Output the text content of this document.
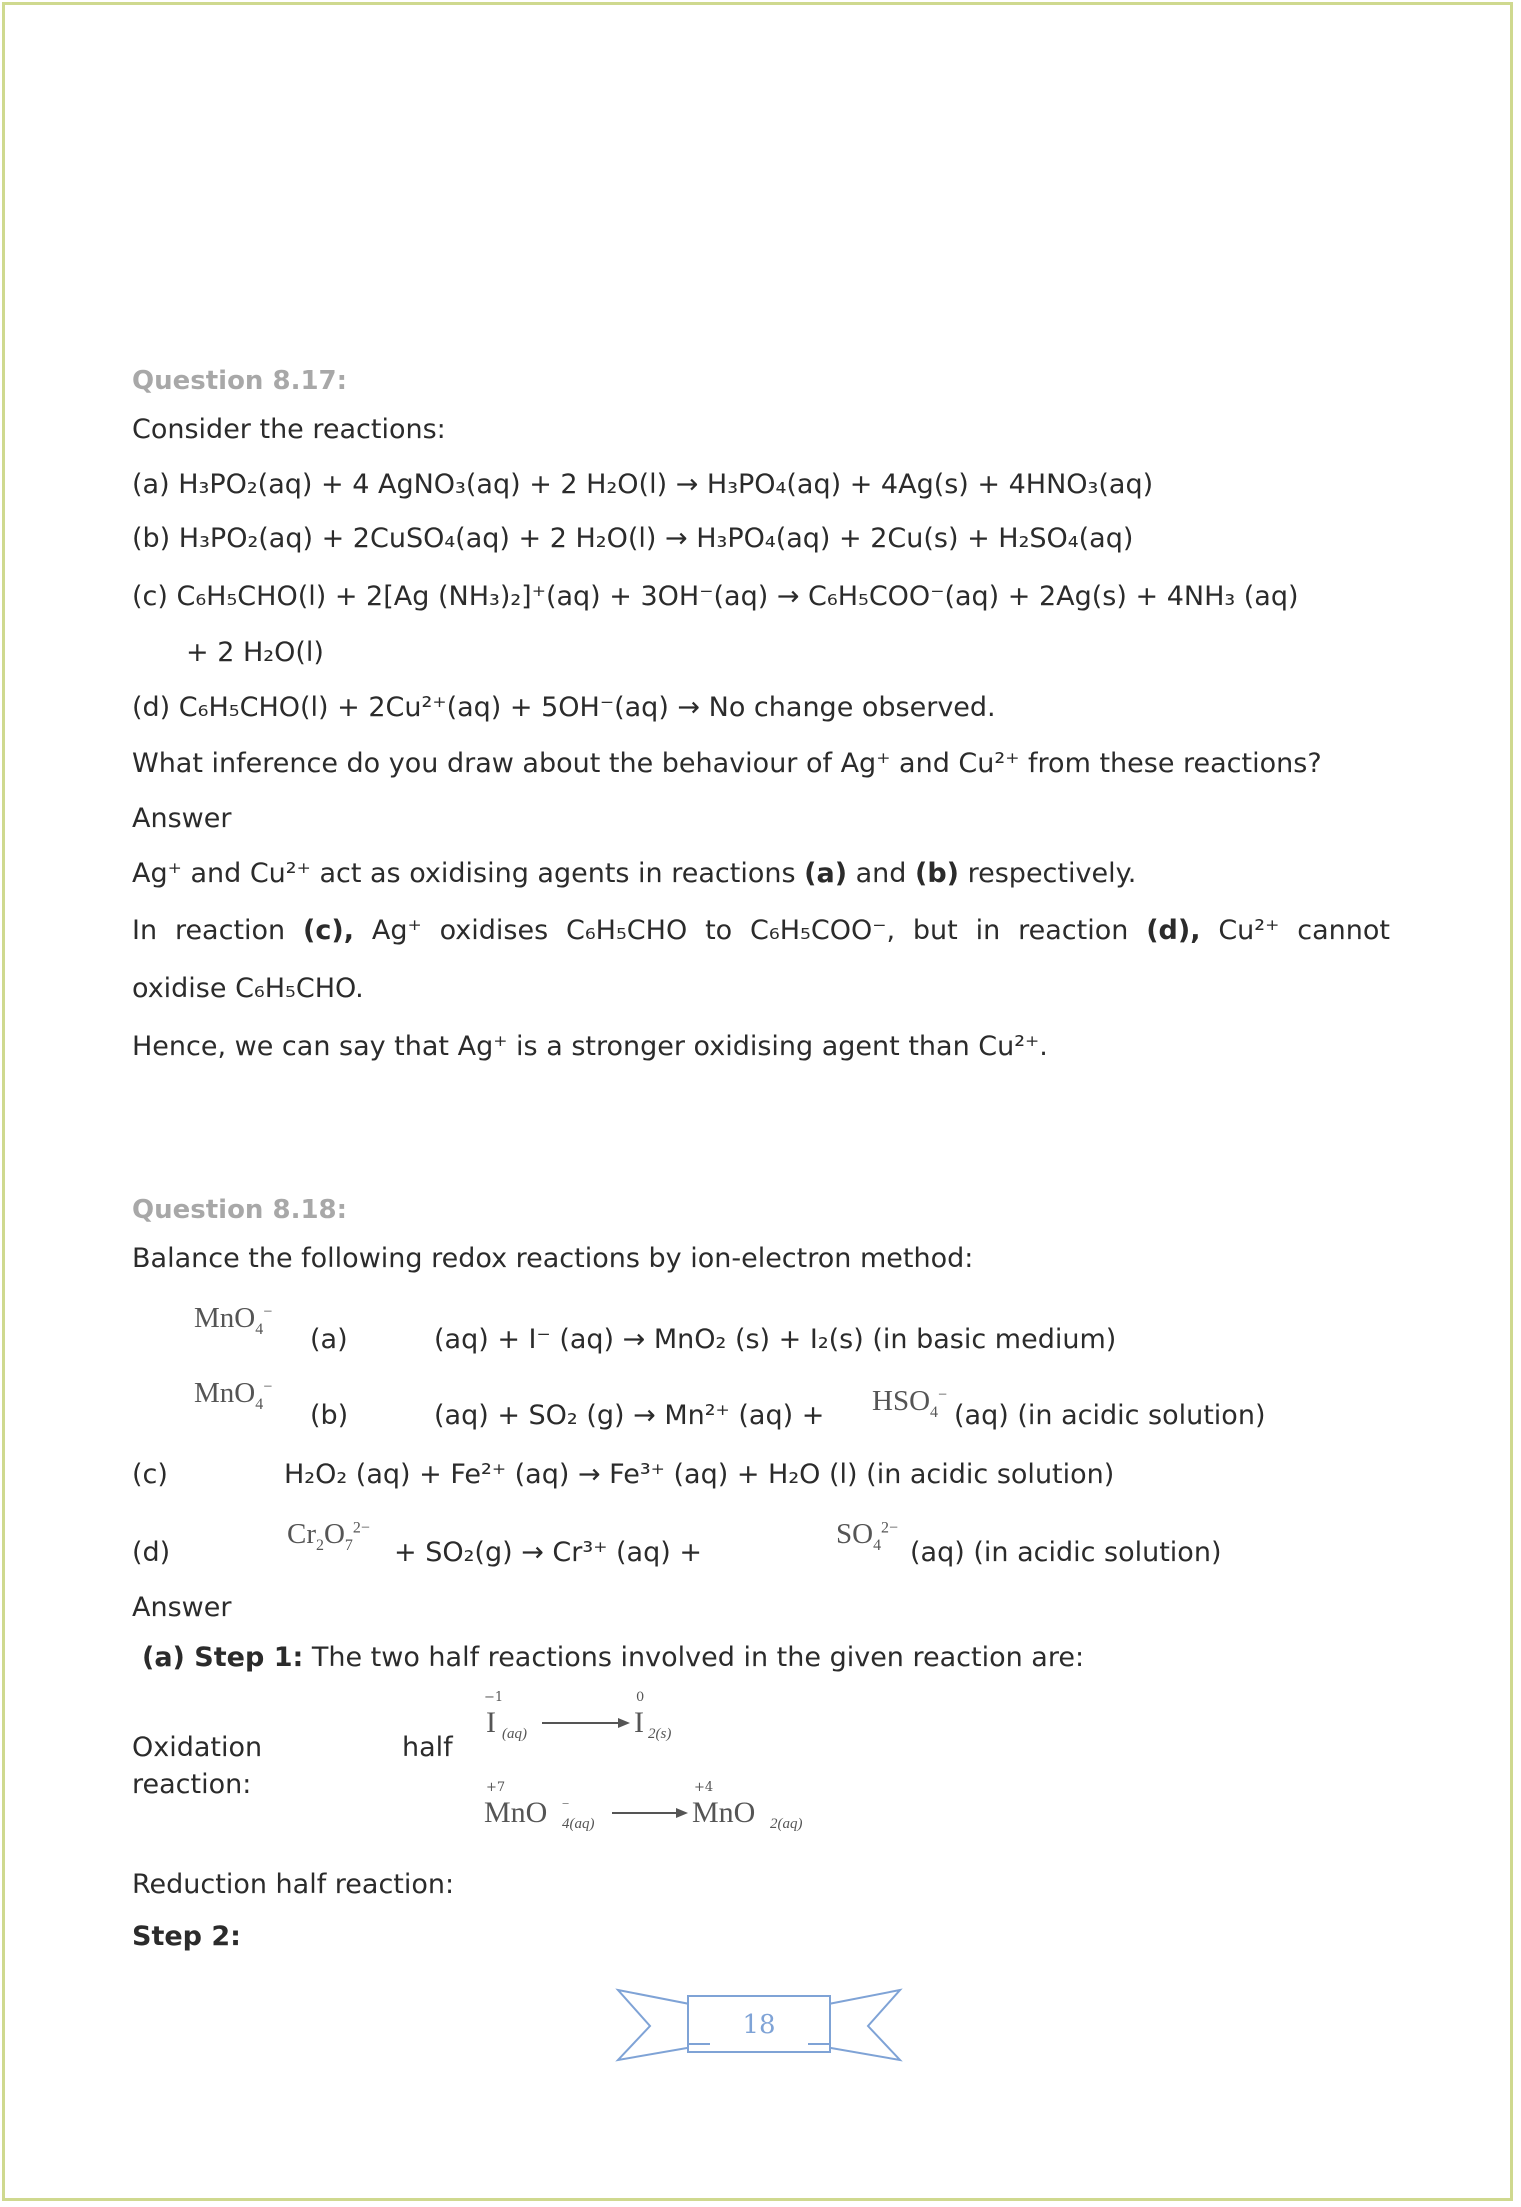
Question 8.17:
Consider the reactions:
(a) H₃PO₂(aq) + 4 AgNO₃(aq) + 2 H₂O(l) → H₃PO₄(aq) + 4Ag(s) + 4HNO₃(aq)
(b) H₃PO₂(aq) + 2CuSO₄(aq) + 2 H₂O(l) → H₃PO₄(aq) + 2Cu(s) + H₂SO₄(aq)
(c) C₆H₅CHO(l) + 2[Ag (NH₃)₂]⁺(aq) + 3OH⁻(aq) → C₆H₅COO⁻(aq) + 2Ag(s) + 4NH₃ (aq)
+ 2 H₂O(l)
(d) C₆H₅CHO(l) + 2Cu²⁺(aq) + 5OH⁻(aq) → No change observed.
What inference do you draw about the behaviour of Ag⁺ and Cu²⁺ from these reactions?
Answer
Ag⁺ and Cu²⁺ act as oxidising agents in reactions (a) and (b) respectively.
In reaction (c), Ag⁺ oxidises C₆H₅CHO to C₆H₅COO⁻, but in reaction (d), Cu²⁺ cannot
oxidise C₆H₅CHO.
Hence, we can say that Ag⁺ is a stronger oxidising agent than Cu²⁺.
Question 8.18:
Balance the following redox reactions by ion-electron method:
MnO$_4$−
(a)	(aq) + I⁻ (aq) → MnO₂ (s) + I₂(s) (in basic medium)
MnO$_4$−
(b)	(aq) + SO₂ (g) → Mn²⁺ $(aq) + HSO_4^-$
(aq) (in acidic solution)
(c)	H₂O₂ (aq) + Fe²⁺ (aq) → Fe³⁺ (aq) + H₂O (l) (in acidic solution)
(d)
$Cr_2O_7^{2-}$
+ SO₂(g) → Cr³⁺ (aq) +
$SO_4^{2-}$
(aq) (in acidic solution)
Answer
(a) Step 1: The two half reactions involved in the given reaction are:
Oxidation
reaction:
half
−1
I (aq)
0
I 2(s)
+7
MnO −
4(aq)
+4
MnO 2(aq)
Reduction half reaction:
Step 2:
18
